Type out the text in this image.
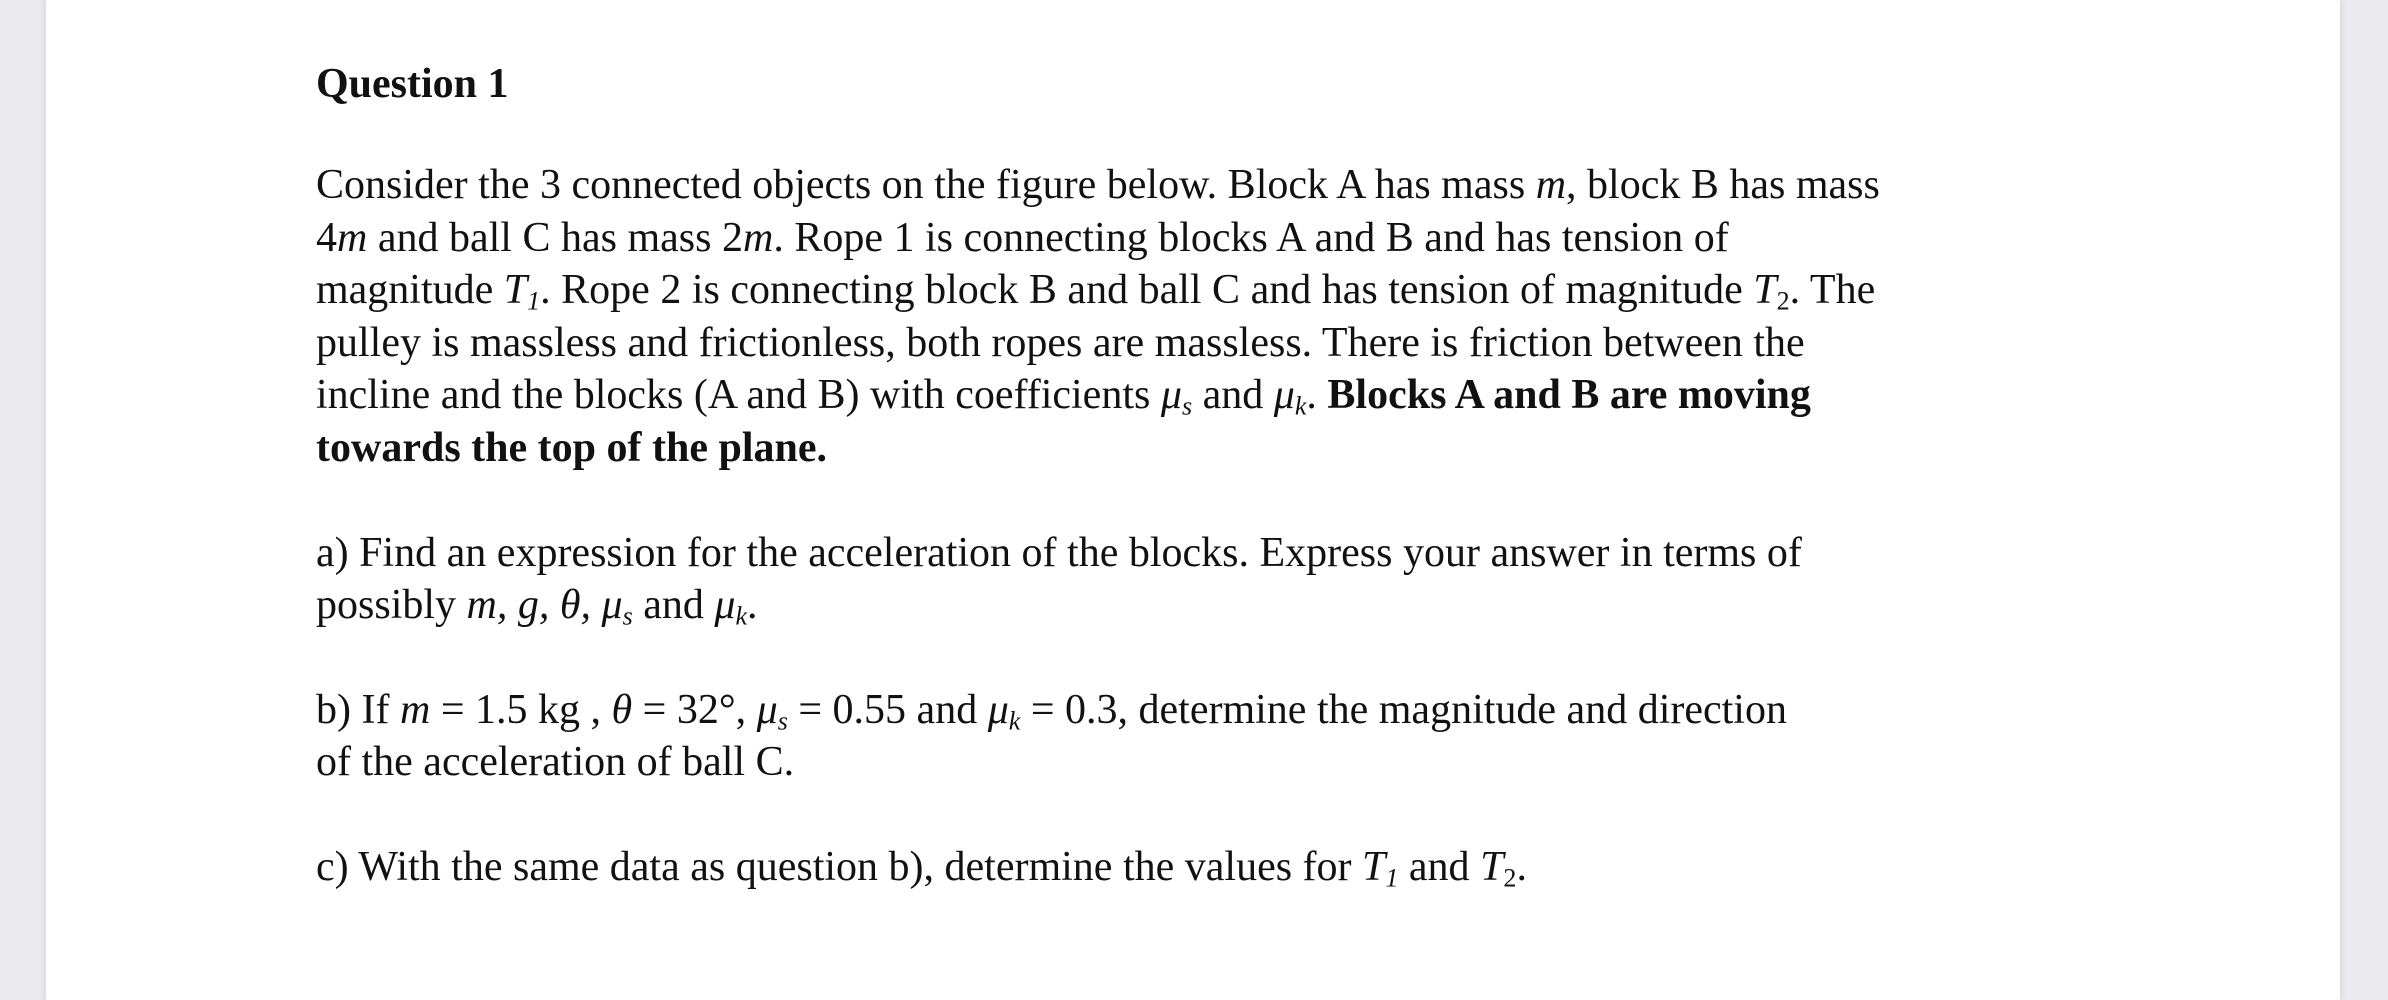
Question 1
Consider the 3 connected objects on the figure below. Block A has mass m, block B has mass
4m and ball C has mass 2m. Rope 1 is connecting blocks A and B and has tension of
magnitude $T_1$. Rope 2 is connecting block B and ball C and has tension of magnitude $T_2$. The
pulley is massless and frictionless, both ropes are massless. There is friction between the
incline and the blocks (A and B) with coefficients $\mu_s$ and $\mu_k$. Blocks A and B are moving
towards the top of the plane.
a) Find an expression for the acceleration of the blocks. Express your answer in terms of
possibly m, g, θ, $\mu_s$ and $\mu_k$.
b) If m = 1.5 kg , θ = 32°, $\mu_s = 0.55$ and $\mu_k = 0.3$, determine the magnitude and direction
of the acceleration of ball C.
c) With the same data as question b), determine the values for $T_1$ and $T_2$.
